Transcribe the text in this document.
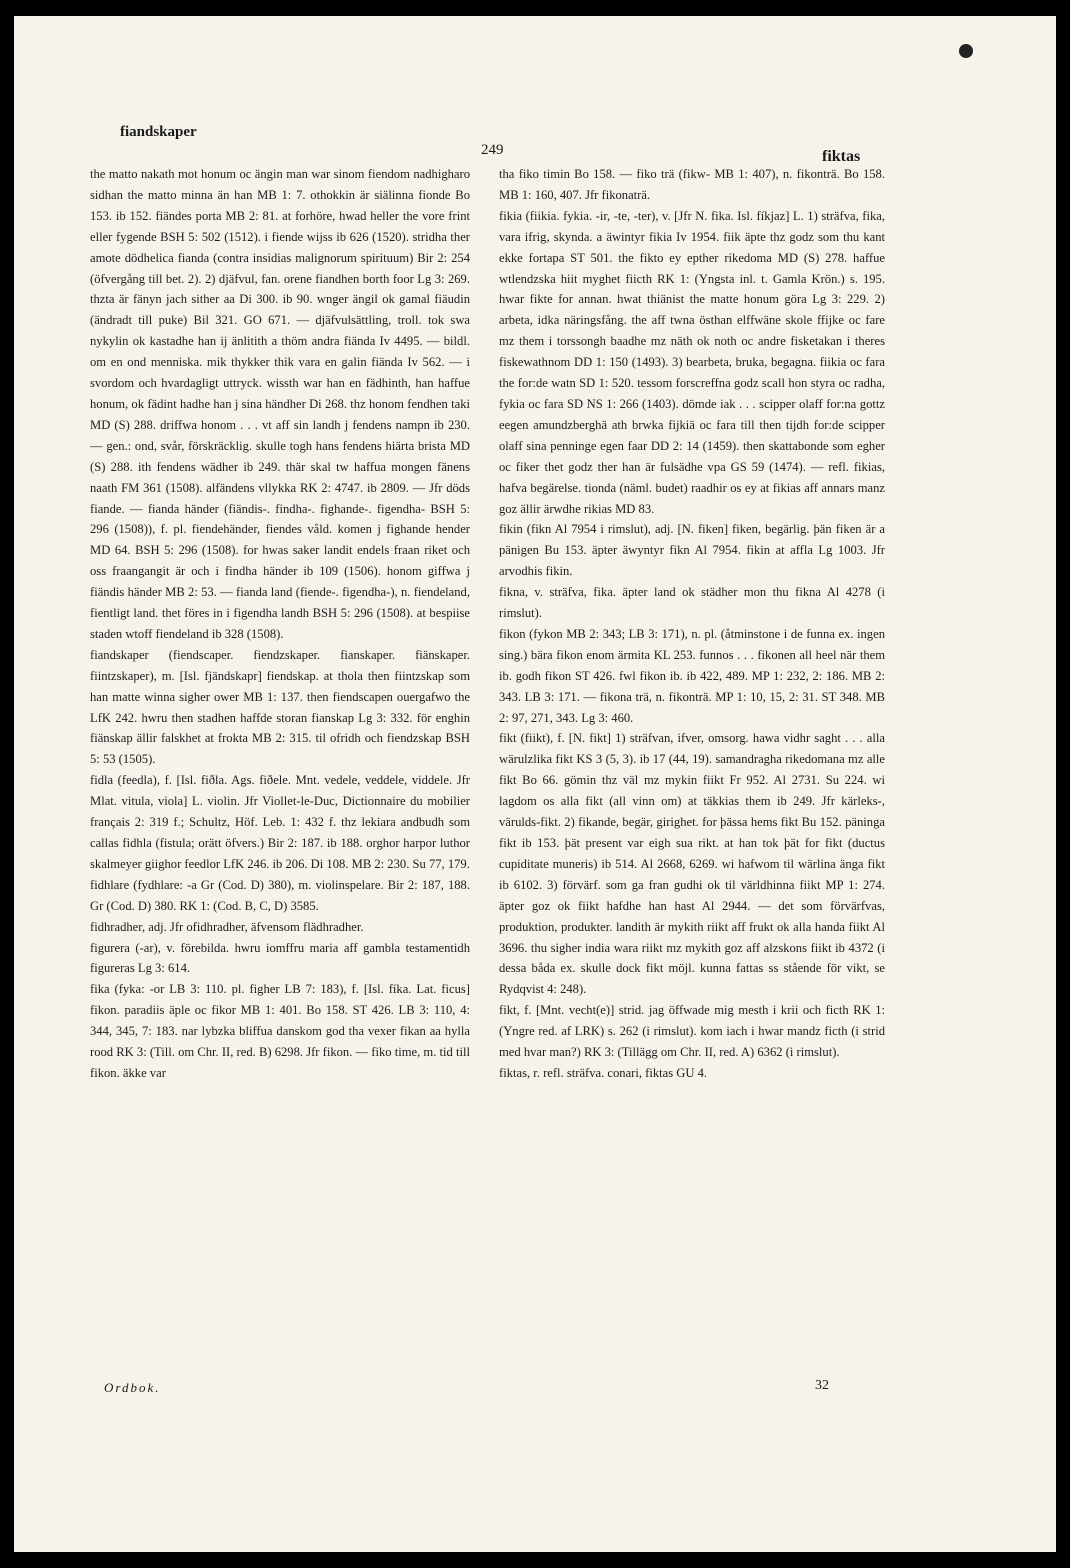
fiandskaper
249	fiktas

the matto nakath mot honum oc ängin man war sinom fiendom nadhigharo sidhan the matto minna än han MB 1: 7. othokkin är siälinna fionde Bo 153. ib 152. fiändes porta MB 2: 81. at forhöre, hwad heller the vore frint eller fygende BSH 5: 502 (1512). i fiende wijss ib 626 (1520). stridha ther amote dödhelica fianda (contra insidias malignorum spirituum) Bir 2: 254 (öfvergång till bet. 2). 2) djäfvul, fan. orene fiandhen borth foor Lg 3: 269. thzta är fänyn jach sither aa Di 300. ib 90. wnger ängil ok gamal fiäudin (ändradt till puke) Bil 321. GO 671. — djäfvulsättling, troll. tok swa nykylin ok kastadhe han ij änlitith a thöm andra fiända Iv 4495. — bildl. om en ond menniska. mik thykker thik vara en galin fiända Iv 562. — i svordom och hvardagligt uttryck. wissth war han en fädhinth, han haffue honum, ok fädint hadhe han j sina händher Di 268. thz honom fendhen taki MD (S) 288. driffwa honom . . . vt aff sin landh j fendens nampn ib 230. — gen.: ond, svår, förskräcklig. skulle togh hans fendens hiärta brista MD (S) 288. ith fendens wädher ib 249. thär skal tw haffua mongen fänens naath FM 361 (1508). alfändens vllykka RK 2: 4747. ib 2809. — Jfr döds fiande. — fianda händer (fiändis-. findha-. fighande-. figendha- BSH 5: 296 (1508)), f. pl. fiendehänder, fiendes våld. komen j fighande hender MD 64. BSH 5: 296 (1508). for hwas saker landit endels fraan riket och oss fraangangit är och i findha händer ib 109 (1506). honom giffwa j fiändis händer MB 2: 53. — fianda land (fiende-. figendha-), n. fiendeland, fientligt land. thet föres in i figendha landh BSH 5: 296 (1508). at bespiise staden wtoff fiendeland ib 328 (1508).

fiandskaper (fiendscaper. fiendzskaper. fianskaper. fiänskaper. fiintzskaper), m. [Isl. fjändskapr] fiendskap. at thola then fiintzskap som han matte winna sigher ower MB 1: 137. then fiendscapen ouergafwo the LfK 242. hwru then stadhen haffde storan fianskap Lg 3: 332. för enghin fiänskap ällir falskhet at frokta MB 2: 315. til ofridh och fiendzskap BSH 5: 53 (1505).

fidla (feedla), f. [Isl. fiðla. Ags. fiðele. Mnt. vedele, veddele, viddele. Jfr Mlat. vitula, viola] L. violin. Jfr Viollet-le-Duc, Dictionnaire du mobilier français 2: 319 f.; Schultz, Höf. Leb. 1: 432 f. thz lekiara andbudh som callas fidhla (fistula; orätt öfvers.) Bir 2: 187. ib 188. orghor harpor luthor skalmeyer giighor feedlor LfK 246. ib 206. Di 108. MB 2: 230. Su 77, 179.

fidhlare (fydhlare: -a Gr (Cod. D) 380), m. violinspelare. Bir 2: 187, 188. Gr (Cod. D) 380. RK 1: (Cod. B, C, D) 3585.

fidhradher, adj. Jfr ofidhradher, äfvensom flädhradher.

figurera (-ar), v. förebilda. hwru iomffru maria aff gambla testamentidh figureras Lg 3: 614.

fika (fyka: -or LB 3: 110. pl. figher LB 7: 183), f. [Isl. fíka. Lat. ficus] fikon. paradiis äple oc fikor MB 1: 401. Bo 158. ST 426. LB 3: 110, 4: 344, 345, 7: 183. nar lybzka bliffua danskom god tha vexer fikan aa hylla rood RK 3: (Till. om Chr. II, red. B) 6298. Jfr fikon. — fiko time, m. tid till fikon. äkke var

tha fiko timin Bo 158. — fiko trä (fikw- MB 1: 407), n. fikonträ. Bo 158. MB 1: 160, 407. Jfr fikonaträ.

fikia (fiikia. fykia. -ir, -te, -ter), v. [Jfr N. fika. Isl. fíkjaz] L. 1) sträfva, fika, vara ifrig, skynda. a äwintyr fikia Iv 1954. fiik äpte thz godz som thu kant ekke fortapa ST 501. the fikto ey epther rikedoma MD (S) 278. haffue wtlendzska hiit myghet fiicth RK 1: (Yngsta inl. t. Gamla Krön.) s. 195. hwar fikte for annan. hwat thiänist the matte honum göra Lg 3: 229. 2) arbeta, idka näringsfång. the aff twna östhan elffwäne skole ffijke oc fare mz them i torssongh baadhe mz näth ok noth oc andre fisketakan i theres fiskewathnom DD 1: 150 (1493). 3) bearbeta, bruka, begagna. fiikia oc fara the for:de watn SD 1: 520. tessom forscreffna godz scall hon styra oc radha, fykia oc fara SD NS 1: 266 (1403). dömde iak . . . scipper olaff for:na gottz eegen amundzberghä ath brwka fijkiä oc fara till then tijdh for:de scipper olaff sina penninge egen faar DD 2: 14 (1459). then skattabonde som egher oc fiker thet godz ther han är fulsädhe vpa GS 59 (1474). — refl. fikias, hafva begärelse. tionda (näml. budet) raadhir os ey at fikias aff annars manz goz ällir ärwdhe rikias MD 83.

fikin (fikn Al 7954 i rimslut), adj. [N. fiken] fiken, begärlig. þän fiken är a pänigen Bu 153. äpter äwyntyr fikn Al 7954. fikin at affla Lg 1003. Jfr arvodhis fikin.

fikna, v. sträfva, fika. äpter land ok städher mon thu fikna Al 4278 (i rimslut).

fikon (fykon MB 2: 343; LB 3: 171), n. pl. (åtminstone i de funna ex. ingen sing.) bära fikon enom ärmita KL 253. funnos . . . fikonen all heel när them ib. godh fikon ST 426. fwl fikon ib. ib 422, 489. MP 1: 232, 2: 186. MB 2: 343. LB 3: 171. — fikona trä, n. fikonträ. MP 1: 10, 15, 2: 31. ST 348. MB 2: 97, 271, 343. Lg 3: 460.

fikt (fiikt), f. [N. fikt] 1) sträfvan, ifver, omsorg. hawa vidhr saght . . . alla wärulzlika fikt KS 3 (5, 3). ib 17 (44, 19). samandragha rikedomana mz alle fikt Bo 66. gömin thz väl mz mykin fiikt Fr 952. Al 2731. Su 224. wi lagdom os alla fikt (all vinn om) at täkkias them ib 249. Jfr kärleks-, värulds-fikt. 2) fikande, begär, girighet. for þässa hems fikt Bu 152. päninga fikt ib 153. þät present var eigh sua rikt. at han tok þät for fikt (ductus cupiditate muneris) ib 514. Al 2668, 6269. wi hafwom til wärlina änga fikt ib 6102. 3) förvärf. som ga fran gudhi ok til världhinna fiikt MP 1: 274. äpter goz ok fiikt hafdhe han hast Al 2944. — det som förvärfvas, produktion, produkter. landith är mykith riikt aff frukt ok alla handa fiikt Al 3696. thu sigher india wara riikt mz mykith goz aff alzskons fiikt ib 4372 (i dessa båda ex. skulle dock fikt möjl. kunna fattas ss stående för vikt, se Rydqvist 4: 248).

fikt, f. [Mnt. vecht(e)] strid. jag öffwade mig mesth i krii och ficth RK 1: (Yngre red. af LRK) s. 262 (i rimslut). kom iach i hwar mandz ficth (i strid med hvar man?) RK 3: (Tillägg om Chr. II, red. A) 6362 (i rimslut).

fiktas, r. refl. sträfva. conari, fiktas GU 4.

Ordbok.	32
